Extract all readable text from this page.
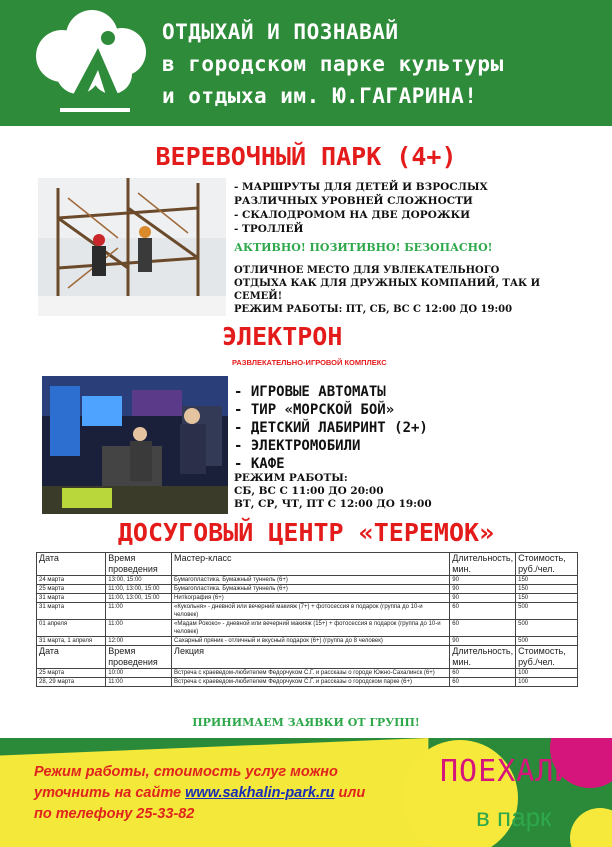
ОТДЫХАЙ И ПОЗНАВАЙ
в городском парке культуры
и отдыха им. Ю.ГАГАРИНА!
ВЕРЕВОЧНЫЙ ПАРК (4+)
- МАРШРУТЫ ДЛЯ ДЕТЕЙ И ВЗРОСЛЫХ
РАЗЛИЧНЫХ УРОВНЕЙ СЛОЖНОСТИ
- СКАЛОДРОМОМ НА ДВЕ ДОРОЖКИ
- ТРОЛЛЕЙ
АКТИВНО! ПОЗИТИВНО! БЕЗОПАСНО!
ОТЛИЧНОЕ МЕСТО ДЛЯ УВЛЕКАТЕЛЬНОГО
ОТДЫХА КАК ДЛЯ ДРУЖНЫХ КОМПАНИЙ, ТАК И
СЕМЕЙ!
РЕЖИМ РАБОТЫ: ПТ, СБ, ВС С 12:00 ДО 19:00
ЭЛЕКТРОН
РАЗВЛЕКАТЕЛЬНО-ИГРОВОЙ КОМПЛЕКС
- ИГРОВЫЕ АВТОМАТЫ
- ТИР «МОРСКОЙ БОЙ»
- ДЕТСКИЙ ЛАБИРИНТ (2+)
- ЭЛЕКТРОМОБИЛИ
- КАФЕ
РЕЖИМ РАБОТЫ:
СБ, ВС С 11:00 ДО 20:00
ВТ, СР, ЧТ, ПТ С 12:00 ДО 19:00
ДОСУГОВЫЙ ЦЕНТР «ТЕРЕМОК»
Дата	Время проведения	Мастер-класс	Длительность, мин.	Стоимость, руб./чел.
24 марта	13:00, 15:00	Бумагопластика. Бумажный туннель (6+)	90	150
25 марта	11:00, 13:00, 15:00	Бумагопластика. Бумажный туннель (6+)	90	150
31 марта	11:00, 13:00, 15:00	Нитkография (6+)	90	150
31 марта	11:00	«Кукольня» - дневной или вечерний макияж (7+) + фотосессия в подарок (группа до 10-и человек)	60	500
01 апреля	11:00	«Мадам Рококо» - дневной или вечерний макияж (15+) + фотосессия в подарок (группа до 10-и человек)	60	500
31 марта, 1 апреля	12:00	Сахарный пряник - отличный и вкусный подарок (6+) (группа до 8 человек)	90	500
Дата	Время проведения	Лекция	Длительность, мин.	Стоимость, руб./чел.
25 марта	10:00	Встреча с краеведом-любителем Федорчуком С.Г. и рассказы о городе Южно-Сахалинск (6+)	60	100
28, 29 марта	11:00	Встреча с краеведом-любителем Федорчуком С.Г. и рассказы о городском парке (6+)	60	100
ПРИНИМАЕМ ЗАЯВКИ ОТ ГРУПП!
ПОЕХАЛИ!
в парк
Режим работы, стоимость услуг можно
уточнить на сайте www.sakhalin-park.ru или
по телефону 25-33-82
